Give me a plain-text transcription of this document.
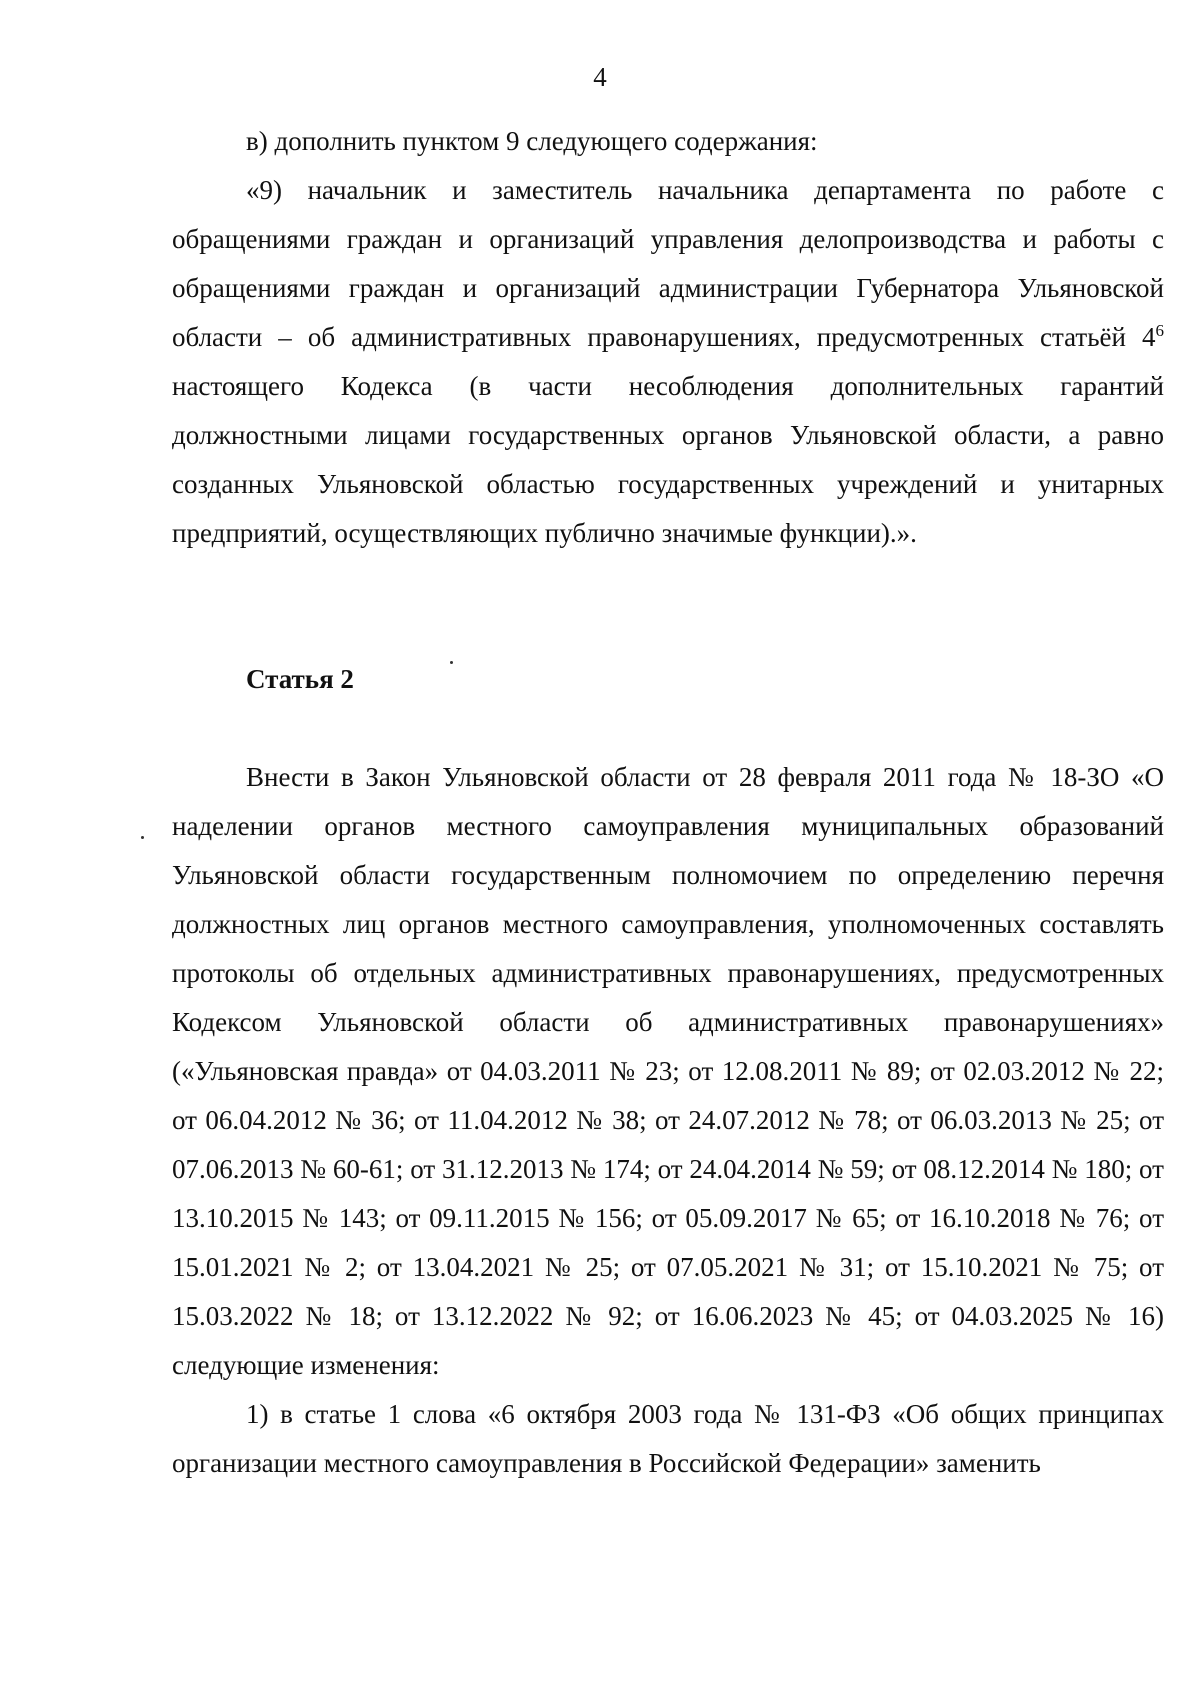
4

в) дополнить пунктом 9 следующего содержания:

«9) начальник и заместитель начальника департамента по работе с обращениями граждан и организаций управления делопроизводства и работы с обращениями граждан и организаций администрации Губернатора Ульяновской области – об административных правонарушениях, предусмотренных статьёй $4^6$ настоящего Кодекса (в части несоблюдения дополнительных гарантий должностными лицами государственных органов Ульяновской области, а равно созданных Ульяновской областью государственных учреждений и унитарных предприятий, осуществляющих публично значимые функции).».

Статья 2

Внести в Закон Ульяновской области от 28 февраля 2011 года № 18-ЗО «О наделении органов местного самоуправления муниципальных образований Ульяновской области государственным полномочием по определению перечня должностных лиц органов местного самоуправления, уполномоченных составлять протоколы об отдельных административных правонарушениях, предусмотренных Кодексом Ульяновской области об административных правонарушениях» («Ульяновская правда» от 04.03.2011 № 23; от 12.08.2011 № 89; от 02.03.2012 № 22; от 06.04.2012 № 36; от 11.04.2012 № 38; от 24.07.2012 № 78; от 06.03.2013 № 25; от 07.06.2013 № 60-61; от 31.12.2013 № 174; от 24.04.2014 № 59; от 08.12.2014 № 180; от 13.10.2015 № 143; от 09.11.2015 № 156; от 05.09.2017 № 65; от 16.10.2018 № 76; от 15.01.2021 № 2; от 13.04.2021 № 25; от 07.05.2021 № 31; от 15.10.2021 № 75; от 15.03.2022 № 18; от 13.12.2022 № 92; от 16.06.2023 № 45; от 04.03.2025 № 16) следующие изменения:

1) в статье 1 слова «6 октября 2003 года № 131-ФЗ «Об общих принципах организации местного самоуправления в Российской Федерации» заменить
